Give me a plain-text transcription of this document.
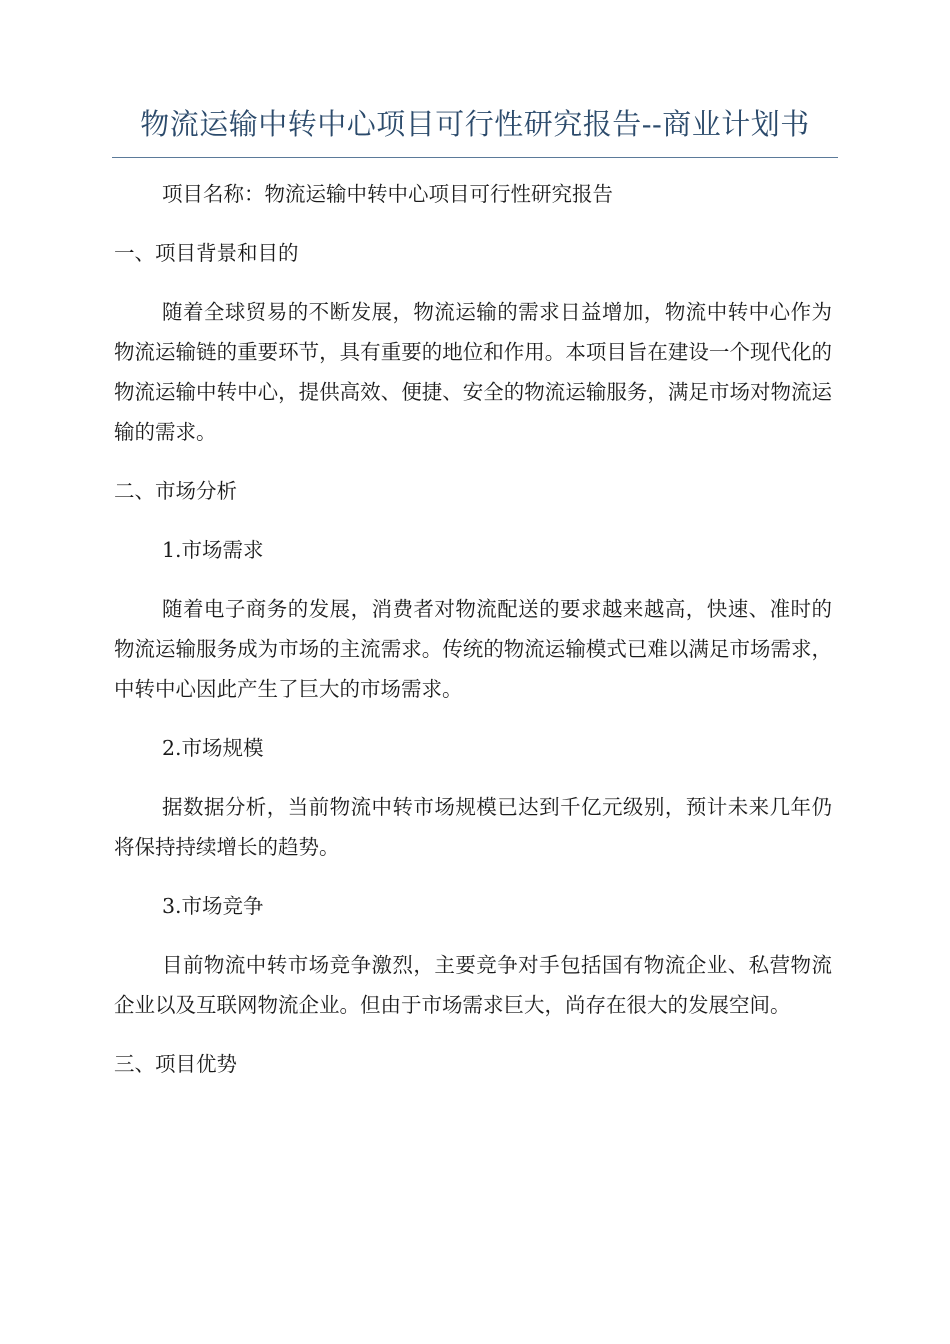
物流运输中转中心项目可行性研究报告--商业计划书

项目名称：物流运输中转中心项目可行性研究报告

一、项目背景和目的

随着全球贸易的不断发展，物流运输的需求日益增加，物流中转中心作为物流运输链的重要环节，具有重要的地位和作用。本项目旨在建设一个现代化的物流运输中转中心，提供高效、便捷、安全的物流运输服务，满足市场对物流运输的需求。

二、市场分析

1.市场需求

随着电子商务的发展，消费者对物流配送的要求越来越高，快速、准时的物流运输服务成为市场的主流需求。传统的物流运输模式已难以满足市场需求，中转中心因此产生了巨大的市场需求。

2.市场规模

据数据分析，当前物流中转市场规模已达到千亿元级别，预计未来几年仍将保持持续增长的趋势。

3.市场竞争

目前物流中转市场竞争激烈，主要竞争对手包括国有物流企业、私营物流企业以及互联网物流企业。但由于市场需求巨大，尚存在很大的发展空间。

三、项目优势
